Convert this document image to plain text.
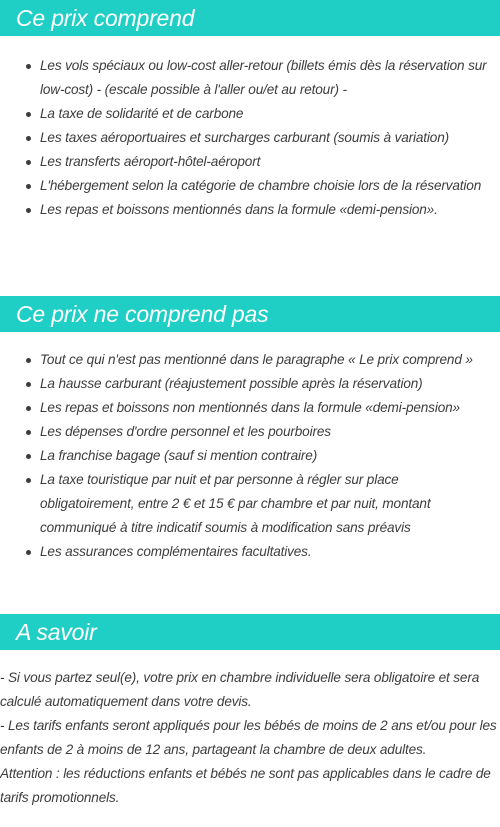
Ce prix comprend
Les vols spéciaux ou low-cost aller-retour (billets émis dès la réservation sur low-cost) - (escale possible à l'aller ou/et au retour) -
La taxe de solidarité et de carbone
Les taxes aéroportuaires et surcharges carburant (soumis à variation)
Les transferts aéroport-hôtel-aéroport
L'hébergement selon la catégorie de chambre choisie lors de la réservation
Les repas et boissons mentionnés dans la formule «demi-pension».
Ce prix ne comprend pas
Tout ce qui n'est pas mentionné dans le paragraphe « Le prix comprend »
La hausse carburant (réajustement possible après la réservation)
Les repas et boissons non mentionnés dans la formule «demi-pension»
Les dépenses d'ordre personnel et les pourboires
La franchise bagage (sauf si mention contraire)
La taxe touristique par nuit et par personne à régler sur place obligatoirement, entre 2 € et 15 € par chambre et par nuit, montant communiqué à titre indicatif soumis à modification sans préavis
Les assurances complémentaires facultatives.
A savoir

- Si vous partez seul(e), votre prix en chambre individuelle sera obligatoire et sera calculé automatiquement dans votre devis.

- Les tarifs enfants seront appliqués pour les bébés de moins de 2 ans et/ou pour les enfants de 2 à moins de 12 ans, partageant la chambre de deux adultes.

Attention : les réductions enfants et bébés ne sont pas applicables dans le cadre de tarifs promotionnels.
